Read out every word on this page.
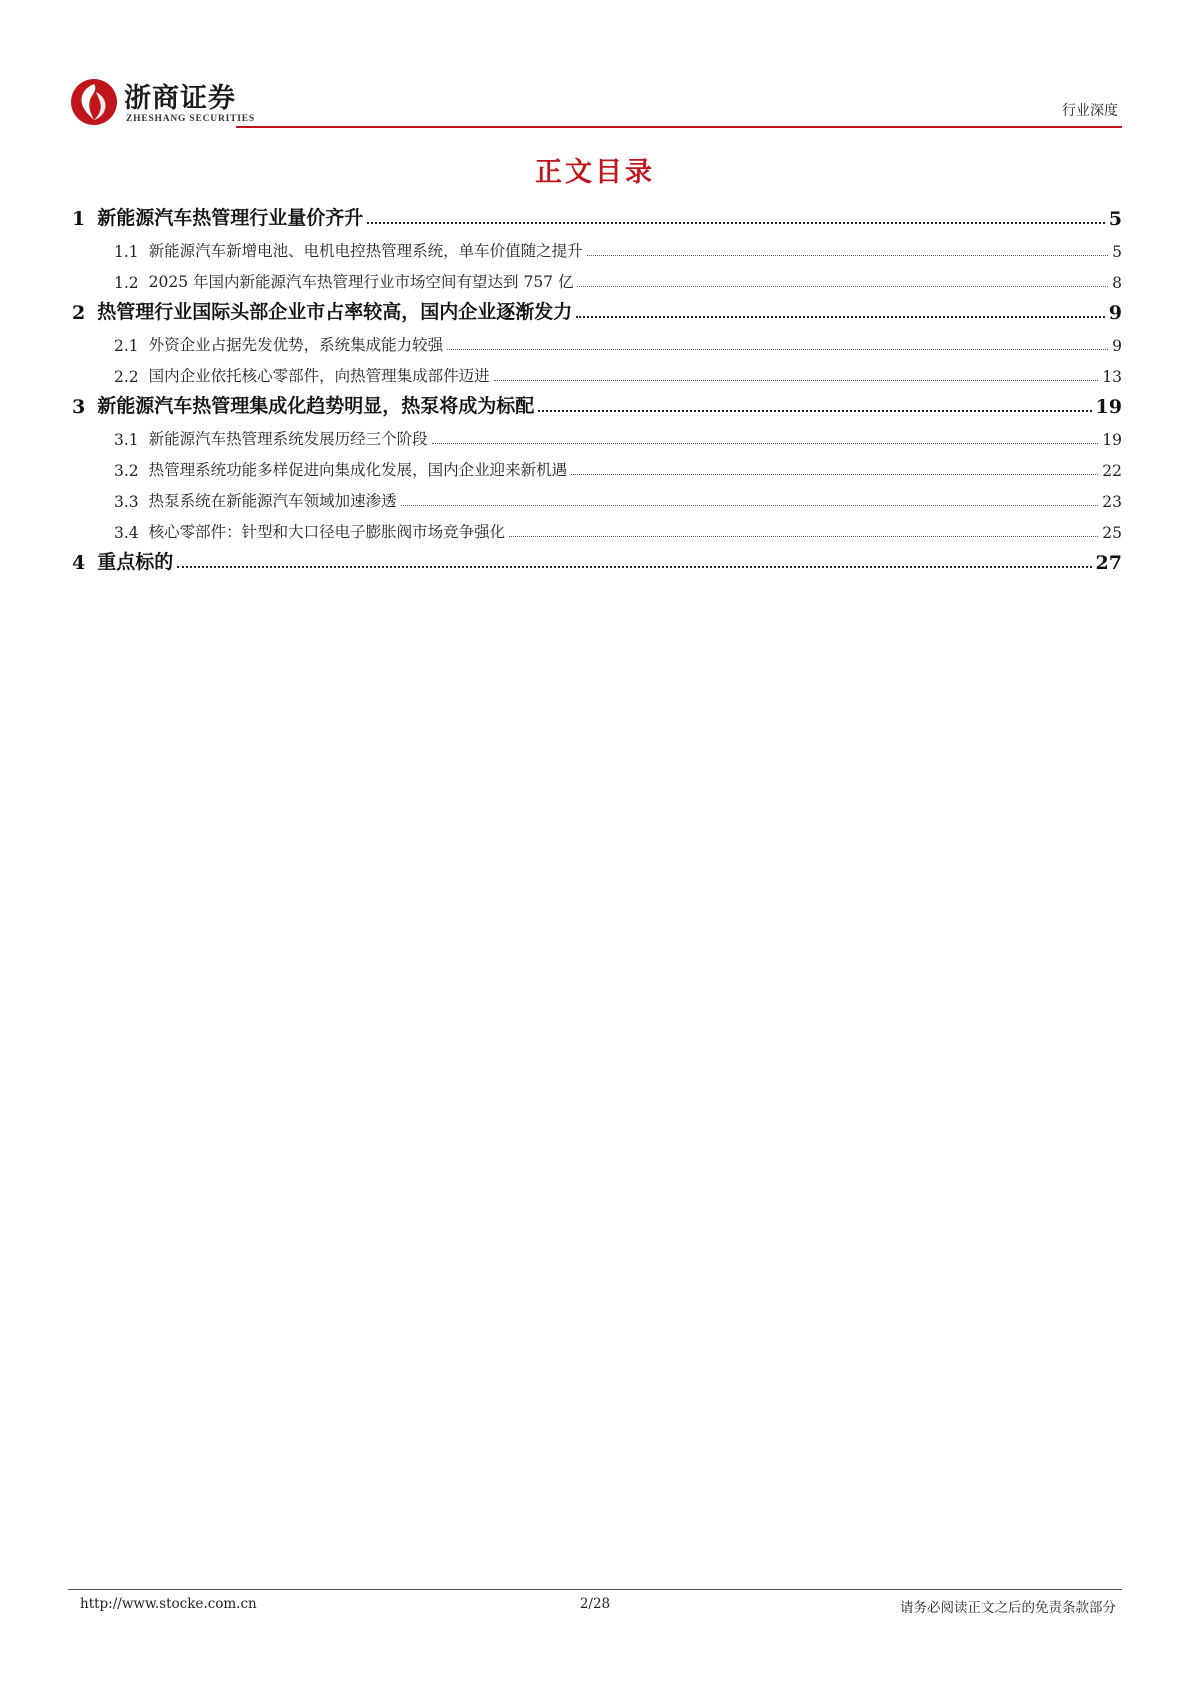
浙商证券
ZHESHANG SECURITIES	行业深度
正文目录
1 新能源汽车热管理行业量价齐升	5
1.1 新能源汽车新增电池、电机电控热管理系统，单车价值随之提升	5
1.2 2025 年国内新能源汽车热管理行业市场空间有望达到 757 亿	8
2 热管理行业国际头部企业市占率较高，国内企业逐渐发力	9
2.1 外资企业占据先发优势，系统集成能力较强	9
2.2 国内企业依托核心零部件，向热管理集成部件迈进	13
3 新能源汽车热管理集成化趋势明显，热泵将成为标配	19
3.1 新能源汽车热管理系统发展历经三个阶段	19
3.2 热管理系统功能多样促进向集成化发展，国内企业迎来新机遇	22
3.3 热泵系统在新能源汽车领域加速渗透	23
3.4 核心零部件：针型和大口径电子膨胀阀市场竞争强化	25
4 重点标的	27
http://www.stocke.com.cn	2/28	请务必阅读正文之后的免责条款部分
